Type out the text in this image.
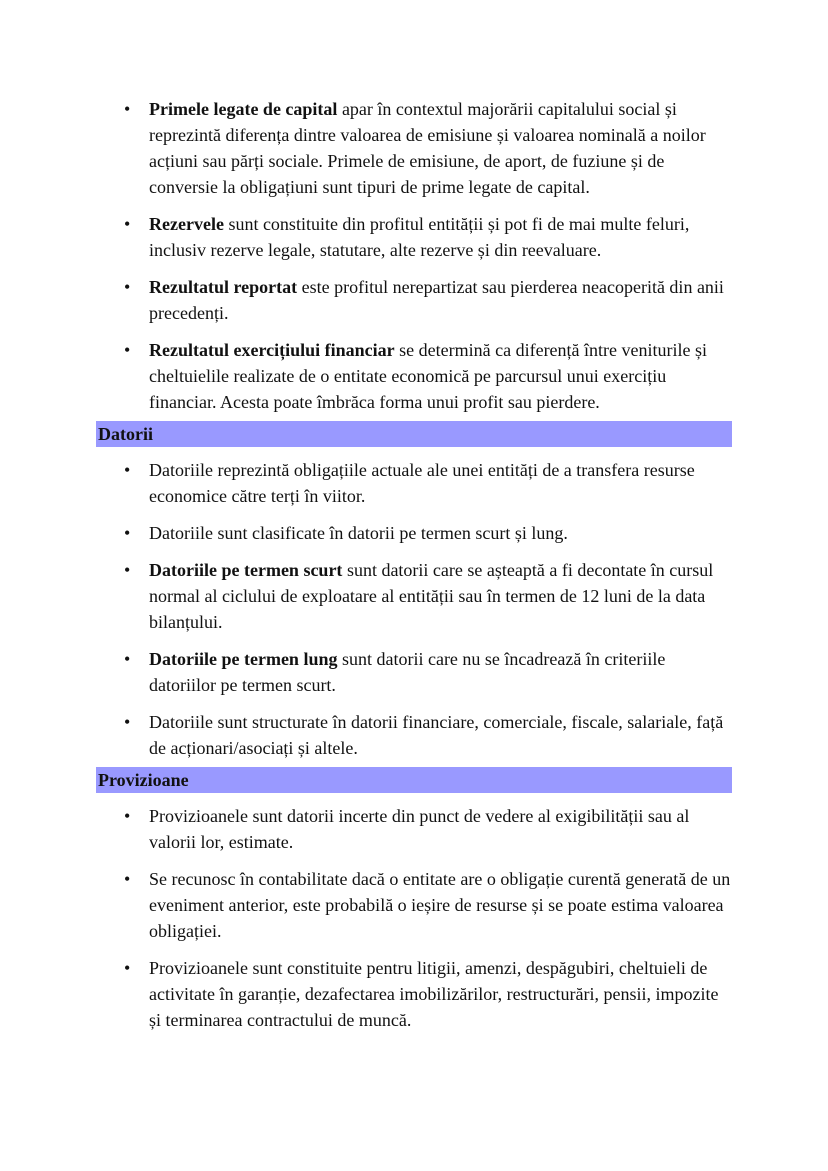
• Primele legate de capital apar în contextul majorării capitalului social și reprezintă diferența dintre valoarea de emisiune și valoarea nominală a noilor acțiuni sau părți sociale. Primele de emisiune, de aport, de fuziune și de conversie la obligațiuni sunt tipuri de prime legate de capital.
• Rezervele sunt constituite din profitul entității și pot fi de mai multe feluri, inclusiv rezerve legale, statutare, alte rezerve și din reevaluare.
• Rezultatul reportat este profitul nerepartizat sau pierderea neacoperită din anii precedenți.
• Rezultatul exercițiului financiar se determină ca diferență între veniturile și cheltuielile realizate de o entitate economică pe parcursul unui exercițiu financiar. Acesta poate îmbrăca forma unui profit sau pierdere.
Datorii
• Datoriile reprezintă obligațiile actuale ale unei entități de a transfera resurse economice către terți în viitor.
• Datoriile sunt clasificate în datorii pe termen scurt și lung.
• Datoriile pe termen scurt sunt datorii care se așteaptă a fi decontate în cursul normal al ciclului de exploatare al entității sau în termen de 12 luni de la data bilanțului.
• Datoriile pe termen lung sunt datorii care nu se încadrează în criteriile datoriilor pe termen scurt.
• Datoriile sunt structurate în datorii financiare, comerciale, fiscale, salariale, față de acționari/asociați și altele.
Provizioane
• Provizioanele sunt datorii incerte din punct de vedere al exigibilității sau al valorii lor, estimate.
• Se recunosc în contabilitate dacă o entitate are o obligație curentă generată de un eveniment anterior, este probabilă o ieșire de resurse și se poate estima valoarea obligației.
• Provizioanele sunt constituite pentru litigii, amenzi, despăgubiri, cheltuieli de activitate în garanție, dezafectarea imobilizărilor, restructurări, pensii, impozite și terminarea contractului de muncă.
